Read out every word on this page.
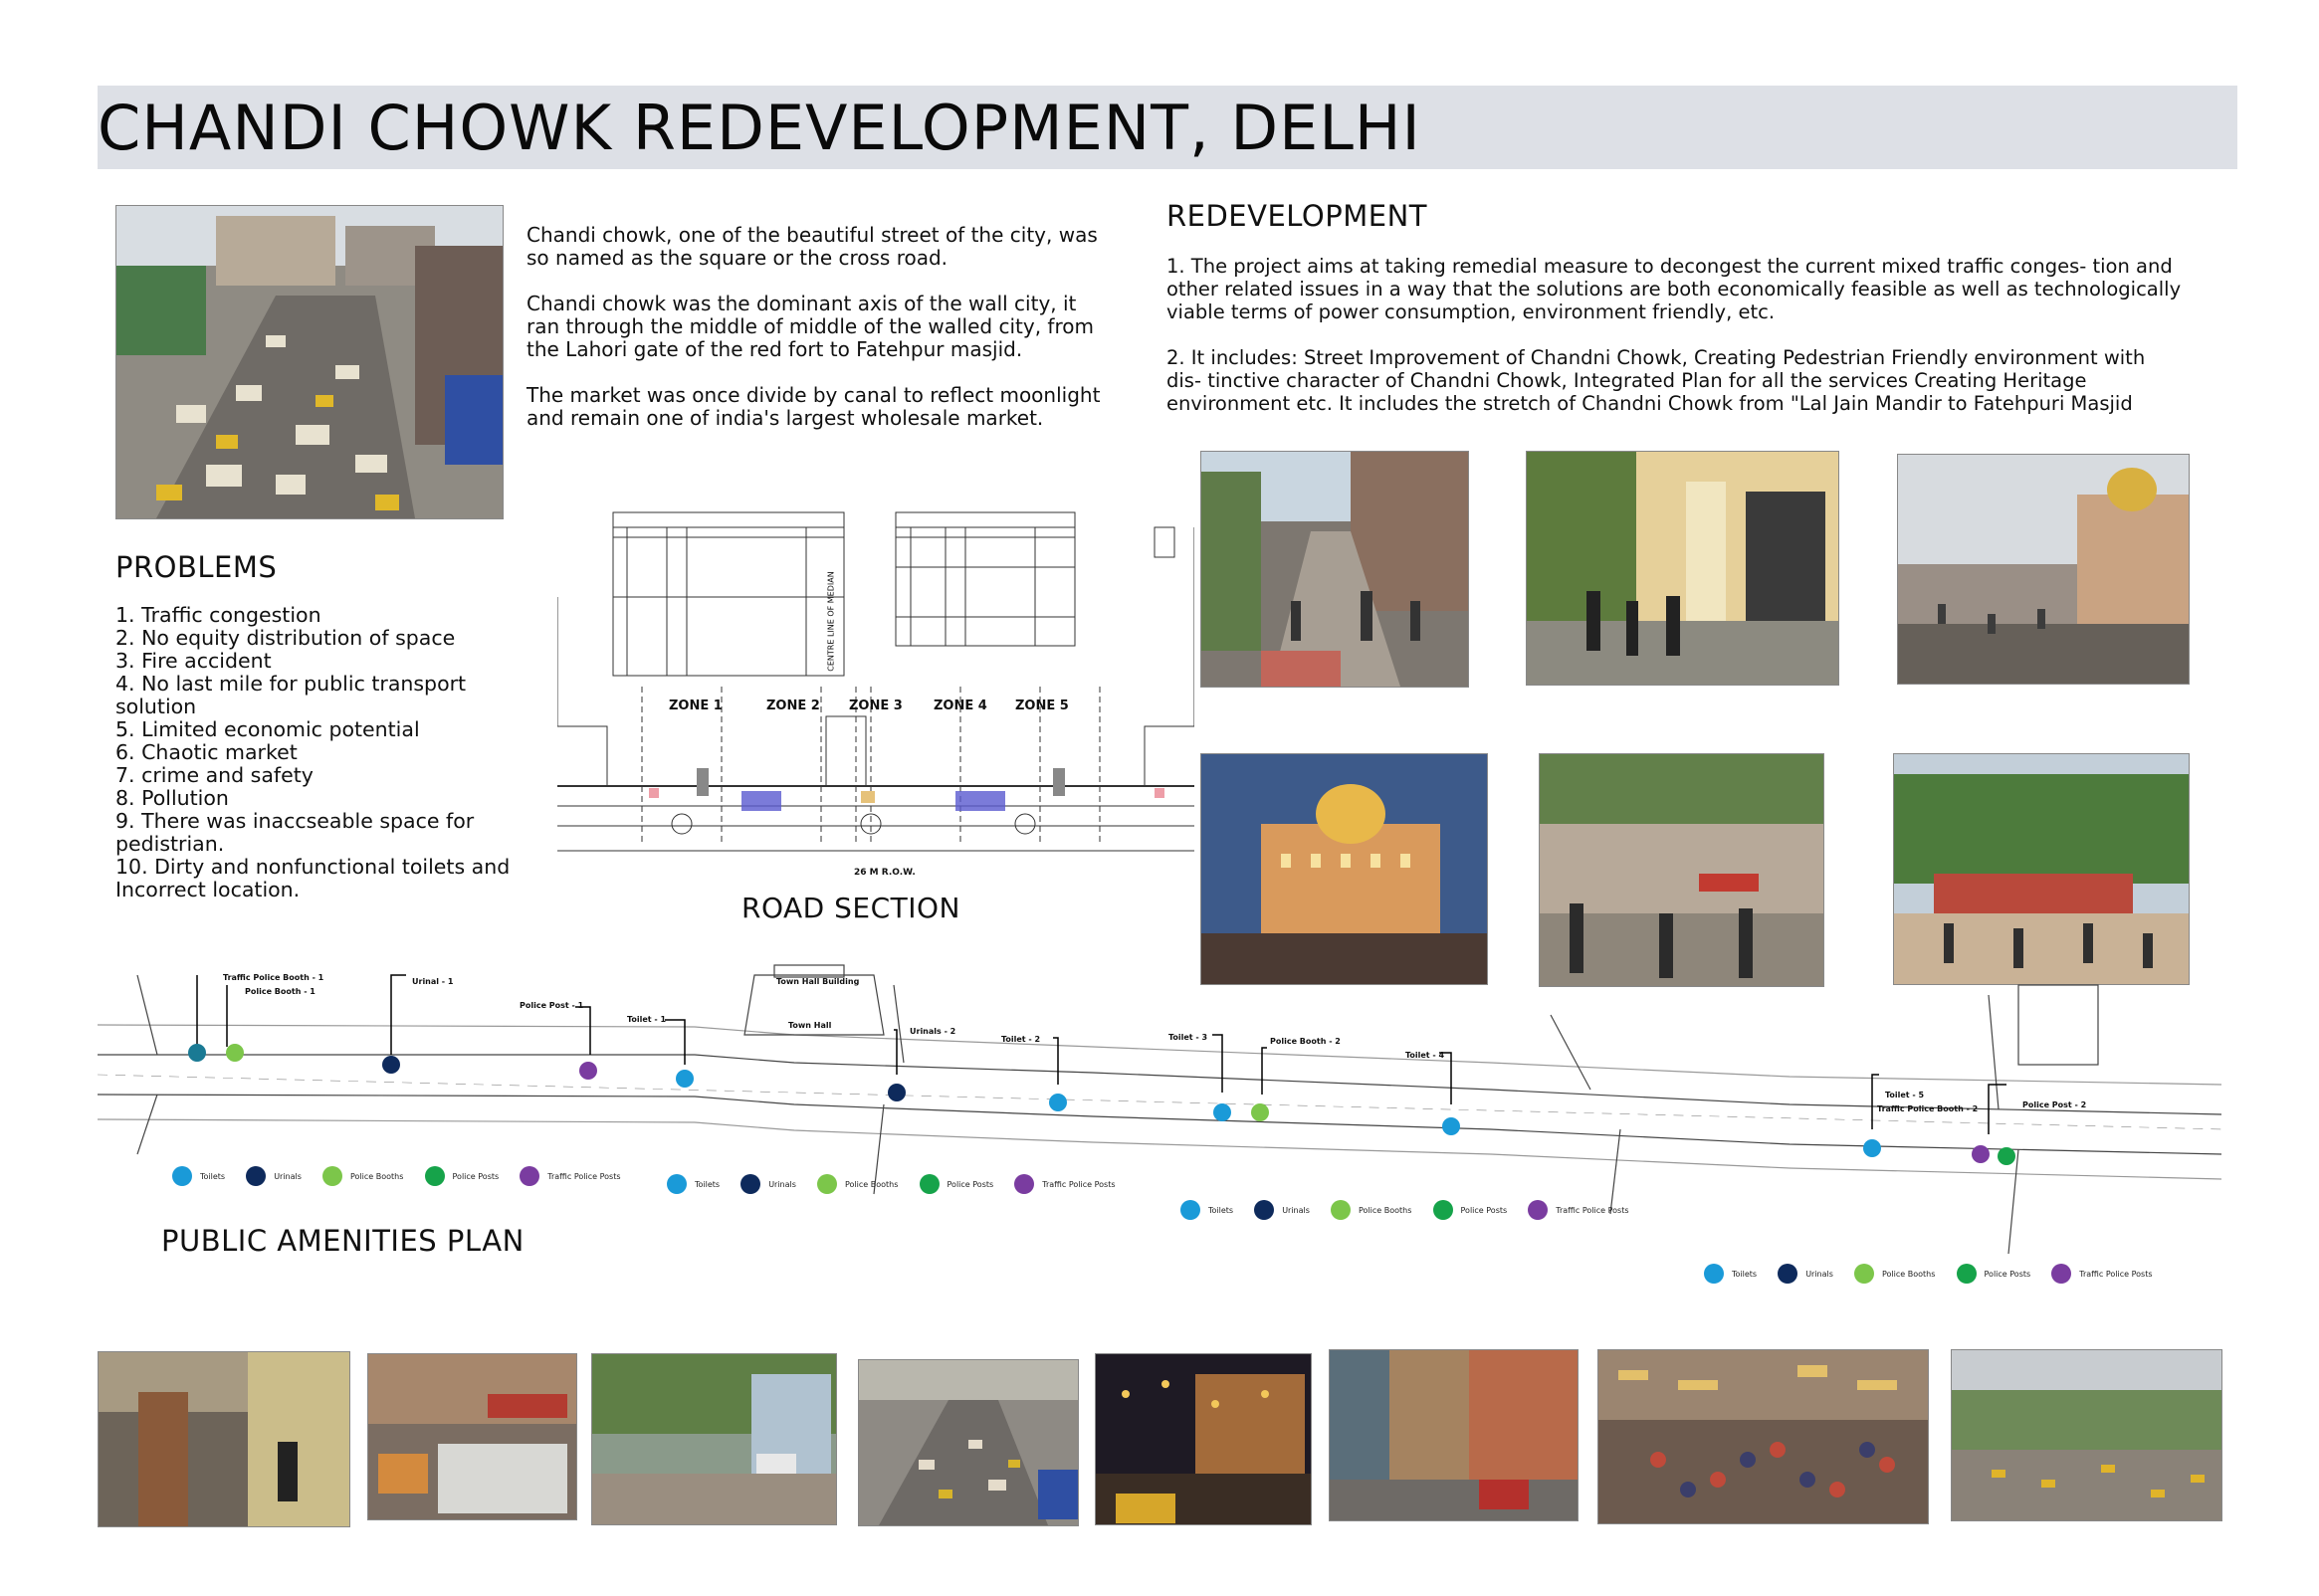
CHANDI CHOWK REDEVELOPMENT, DELHI

Chandi chowk, one of the beautiful street of the city, was so named as the square or the cross road.

Chandi chowk was the dominant axis of the wall city, it ran through the middle of middle of the walled city, from the Lahori gate of the red fort to Fatehpur masjid.

The market was once divide by canal to reflect moonlight and remain one of india's largest wholesale market.

PROBLEMS
1. Traffic congestion
2. No equity distribution of space
3. Fire accident
4. No last mile for public transport solution
5. Limited economic potential
6. Chaotic market
7. crime and safety
8. Pollution
9. There was inaccseable space for pedistrian.
10. Dirty and nonfunctional toilets and Incorrect location.
REDEVELOPMENT

1. The project aims at taking remedial measure to decongest the current mixed traffic conges- tion and other related issues in a way that the solutions are both economically feasible as well as technologically viable terms of power consumption, environment friendly, etc.

2. It includes: Street Improvement of Chandni Chowk, Creating Pedestrian Friendly environment with dis- tinctive character of Chandni Chowk, Integrated Plan for all the services Creating Heritage environment etc. It includes the stretch of Chandni Chowk from "Lal Jain Mandir to Fatehpuri Masjid

ZONE 1	ZONE 2 ZONE 3 ZONE 4 ZONE 5
CENTRE LINE OF MEDIAN
26 M R.O.W.
ROAD SECTION
Traffic Police Booth - 1
Police Booth - 1
Urinal - 1
Police Post - 1
Toilet - 1
Town Hall Building
Town Hall
Urinals - 2
Toilet - 2	Toilet - 3	Police Booth - 2
Toilet - 4
Toilet - 5
Traffic Police Booth - 2	Police Post - 2
Toilets
	Urinals
	Police Booths
	Police Posts
	Traffic Police Posts
Toilets
	Urinals
	Police Booths
	Police Posts
	Traffic Police Posts
Toilets
	Urinals
	Police Booths
	Police Posts
	Traffic Police Posts
Toilets
	Urinals
	Police Booths
	Police Posts
	Traffic Police Posts
PUBLIC AMENITIES PLAN
